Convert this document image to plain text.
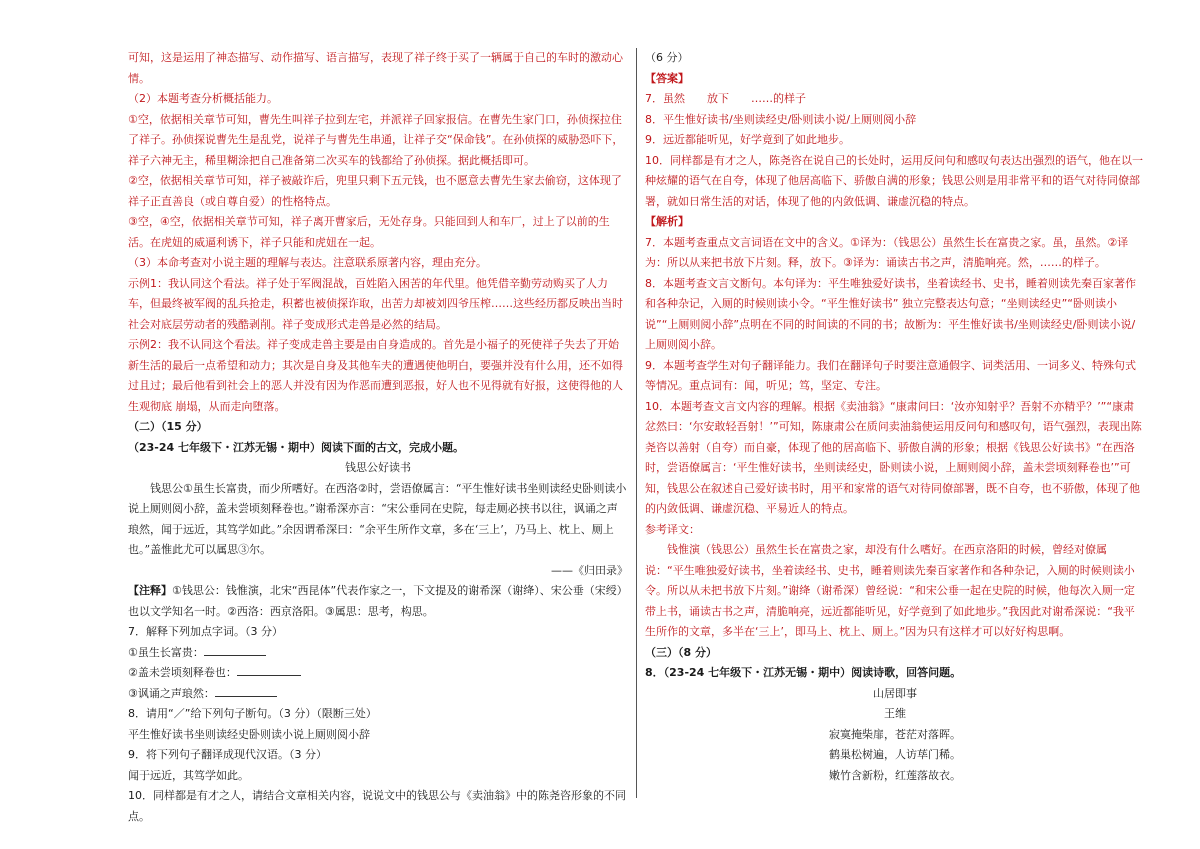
可知，这是运用了神态描写、动作描写、语言描写，表现了祥子终于买了一辆属于自己的车时的激动心情。

（2）本题考查分析概括能力。

①空，依据相关章节可知，曹先生叫祥子拉到左宅，并派祥子回家报信。在曹先生家门口，孙侦探拉住了祥子。孙侦探说曹先生是乱党，说祥子与曹先生串通，让祥子交“保命钱”。在孙侦探的威胁恐吓下，祥子六神无主，稀里糊涂把自己准备第二次买车的钱都给了孙侦探。据此概括即可。

②空，依据相关章节可知，祥子被敲诈后，兜里只剩下五元钱，也不愿意去曹先生家去偷窃，这体现了祥子正直善良（或自尊自爱）的性格特点。

③空，④空，依据相关章节可知，祥子离开曹家后，无处存身。只能回到人和车厂，过上了以前的生活。在虎妞的威逼利诱下，祥子只能和虎妞在一起。

（3）本命考查对小说主题的理解与表达。注意联系原著内容，理由充分。

示例1：我认同这个看法。祥子处于军阀混战，百姓陷入困苦的年代里。他凭借辛勤劳动购买了人力车，但最终被军阀的乱兵抢走，积蓄也被侦探诈取，出苦力却被刘四爷压榨……这些经历都反映出当时社会对底层劳动者的残酷剥削。祥子变成形式走兽是必然的结局。

示例2：我不认同这个看法。祥子变成走兽主要是由自身造成的。首先是小福子的死使祥子失去了开始新生活的最后一点希望和动力；其次是自身及其他车夫的遭遇使他明白，要强并没有什么用，还不如得过且过；最后他看到社会上的恶人并没有因为作恶而遭到恶报，好人也不见得就有好报，这使得他的人生观彻底 崩塌，从而走向堕落。

（二）（15 分）

（23-24 七年级下・江苏无锡・期中）阅读下面的古文，完成小题。

钱思公好读书

钱思公①虽生长富贵，而少所嗜好。在西洛②时，尝语僚属言：“平生惟好读书坐则读经史卧则读小说上厕则阅小辞，盖未尝顷刻释卷也。”谢希深亦言：“宋公垂同在史院，每走厕必挟书以往，讽诵之声琅然，闻于远近，其笃学如此。”余因谓希深曰：“余平生所作文章，多在‘三上’，乃马上、枕上、厕上也。”盖惟此尤可以属思③尔。

——《归田录》

【注释】①钱思公：钱惟演，北宋“西昆体”代表作家之一，下文提及的谢希深（谢绛）、宋公垂（宋绶）也以文学知名一时。②西洛：西京洛阳。③属思：思考，构思。

7．解释下列加点字词。（3 分）

①虽生长富贵：

②盖未尝顷刻释卷也：

③讽诵之声琅然：

8．请用“／”给下列句子断句。（3 分）（限断三处）

平生惟好读书坐则读经史卧则读小说上厕则阅小辞

9．将下列句子翻译成现代汉语。（3 分）

闻于远近，其笃学如此。

10．同样都是有才之人，请结合文章相关内容，说说文中的钱思公与《卖油翁》中的陈尧咨形象的不同点。

（6 分）

【答案】

7．虽然　　放下　　……的样子

8．平生惟好读书/坐则读经史/卧则读小说/上厕则阅小辞

9．远近都能听见，好学竟到了如此地步。

10．同样都是有才之人，陈尧咨在说自己的长处时，运用反问句和感叹句表达出强烈的语气，他在以一种炫耀的语气在自夸，体现了他居高临下、骄傲自满的形象；钱思公则是用非常平和的语气对待同僚部署，就如日常生活的对话，体现了他的内敛低调、谦虚沉稳的特点。

【解析】

7．本题考查重点文言词语在文中的含义。①译为：（钱思公）虽然生长在富贵之家。虽，虽然。②译为：所以从来把书放下片刻。释，放下。③译为：诵读古书之声，清脆响亮。然，……的样子。

8．本题考查文言文断句。本句译为：平生唯独爱好读书，坐着读经书、史书，睡着则读先秦百家著作和各种杂记，入厕的时候则读小令。“平生惟好读书” 独立完整表达句意；“坐则读经史”“卧则读小说”“上厕则阅小辞”点明在不同的时间读的不同的书；故断为：平生惟好读书/坐则读经史/卧则读小说/上厕则阅小辞。

9．本题考查学生对句子翻译能力。我们在翻译句子时要注意通假字、词类活用、一词多义、特殊句式等情况。重点词有：闻，听见；笃，坚定、专注。

10．本题考查文言文内容的理解。根据《卖油翁》“康肃问曰：‘汝亦知射乎？吾射不亦精乎？’”“康肃忿然曰：‘尔安敢轻吾射！’”可知，陈康肃公在质问卖油翁使运用反问句和感叹句，语气强烈，表现出陈尧咨以善射（自夸）而自豪，体现了他的居高临下、骄傲自满的形象；根据《钱思公好读书》“在西洛时，尝语僚属言：‘平生惟好读书，坐则读经史，卧则读小说，上厕则阅小辞，盖未尝顷刻释卷也’”可知，钱思公在叙述自己爱好读书时，用平和家常的语气对待同僚部署，既不自夸，也不骄傲，体现了他的内敛低调、谦虚沉稳、平易近人的特点。

参考译文：

钱惟演（钱思公）虽然生长在富贵之家，却没有什么嗜好。在西京洛阳的时候，曾经对僚属说：“平生唯独爱好读书，坐着读经书、史书，睡着则读先秦百家著作和各种杂记，入厕的时候则读小令。所以从未把书放下片刻。”谢绛（谢希深）曾经说：“和宋公垂一起在史院的时候，他每次入厕一定带上书，诵读古书之声，清脆响亮，远近都能听见，好学竟到了如此地步。”我因此对谢希深说：“我平生所作的文章，多半在‘三上’，即马上、枕上、厕上。”因为只有这样才可以好好构思啊。

（三）（8 分）

8．（23-24 七年级下・江苏无锡・期中）阅读诗歌，回答问题。

山居即事

王维

寂寞掩柴扉，苍茫对落晖。

鹤巢松树遍，人访荜门稀。

嫩竹含新粉，红莲落故衣。
